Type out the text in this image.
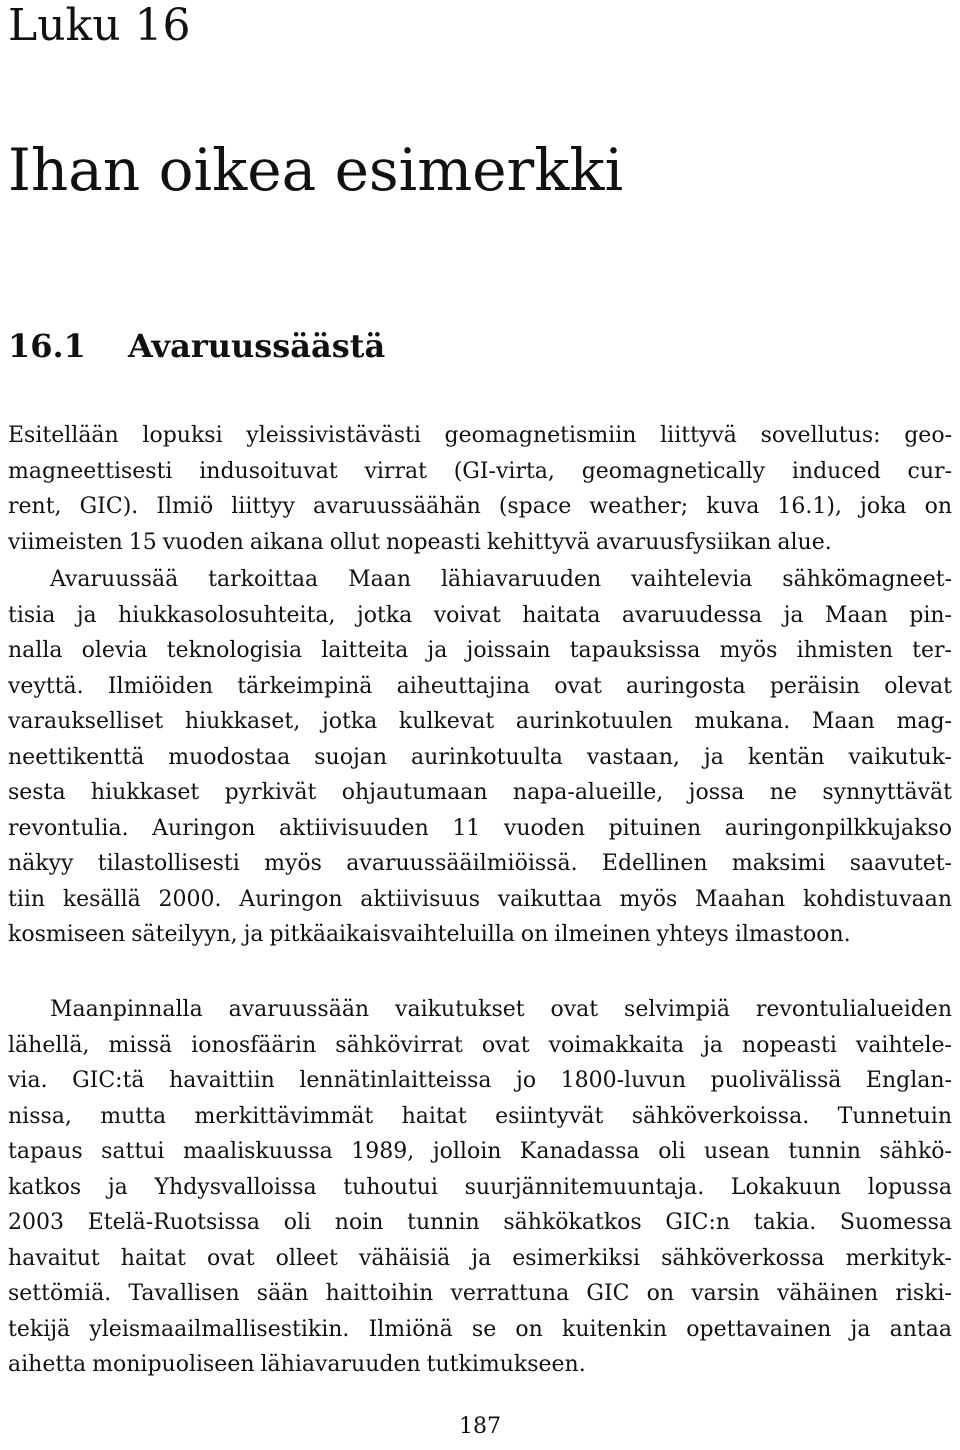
Luku 16
Ihan oikea esimerkki
16.1 Avaruussäästä
Esitellään lopuksi yleissivistävästi geomagnetismiin liittyvä sovellutus: geo-
magneettisesti indusoituvat virrat (GI-virta, geomagnetically induced cur-
rent, GIC). Ilmiö liittyy avaruussäähän (space weather; kuva 16.1), joka on
viimeisten 15 vuoden aikana ollut nopeasti kehittyvä avaruusfysiikan alue.
Avaruussää tarkoittaa Maan lähiavaruuden vaihtelevia sähkömagneet-
tisia ja hiukkasolosuhteita, jotka voivat haitata avaruudessa ja Maan pin-
nalla olevia teknologisia laitteita ja joissain tapauksissa myös ihmisten ter-
veyttä. Ilmiöiden tärkeimpinä aiheuttajina ovat auringosta peräisin olevat
varaukselliset hiukkaset, jotka kulkevat aurinkotuulen mukana. Maan mag-
neettikenttä muodostaa suojan aurinkotuulta vastaan, ja kentän vaikutuk-
sesta hiukkaset pyrkivät ohjautumaan napa-alueille, jossa ne synnyttävät
revontulia. Auringon aktiivisuuden 11 vuoden pituinen auringonpilkkujakso
näkyy tilastollisesti myös avaruussääilmiöissä. Edellinen maksimi saavutet-
tiin kesällä 2000. Auringon aktiivisuus vaikuttaa myös Maahan kohdistuvaan
kosmiseen säteilyyn, ja pitkäaikaisvaihteluilla on ilmeinen yhteys ilmastoon.
Maanpinnalla avaruussään vaikutukset ovat selvimpiä revontulialueiden
lähellä, missä ionosfäärin sähkövirrat ovat voimakkaita ja nopeasti vaihtele-
via. GIC:tä havaittiin lennätinlaitteissa jo 1800-luvun puolivälissä Englan-
nissa, mutta merkittävimmät haitat esiintyvät sähköverkoissa. Tunnetuin
tapaus sattui maaliskuussa 1989, jolloin Kanadassa oli usean tunnin sähkö-
katkos ja Yhdysvalloissa tuhoutui suurjännitemuuntaja. Lokakuun lopussa
2003 Etelä-Ruotsissa oli noin tunnin sähkökatkos GIC:n takia. Suomessa
havaitut haitat ovat olleet vähäisiä ja esimerkiksi sähköverkossa merkityk-
settömiä. Tavallisen sään haittoihin verrattuna GIC on varsin vähäinen riski-
tekijä yleismaailmallisestikin. Ilmiönä se on kuitenkin opettavainen ja antaa
aihetta monipuoliseen lähiavaruuden tutkimukseen.

187
